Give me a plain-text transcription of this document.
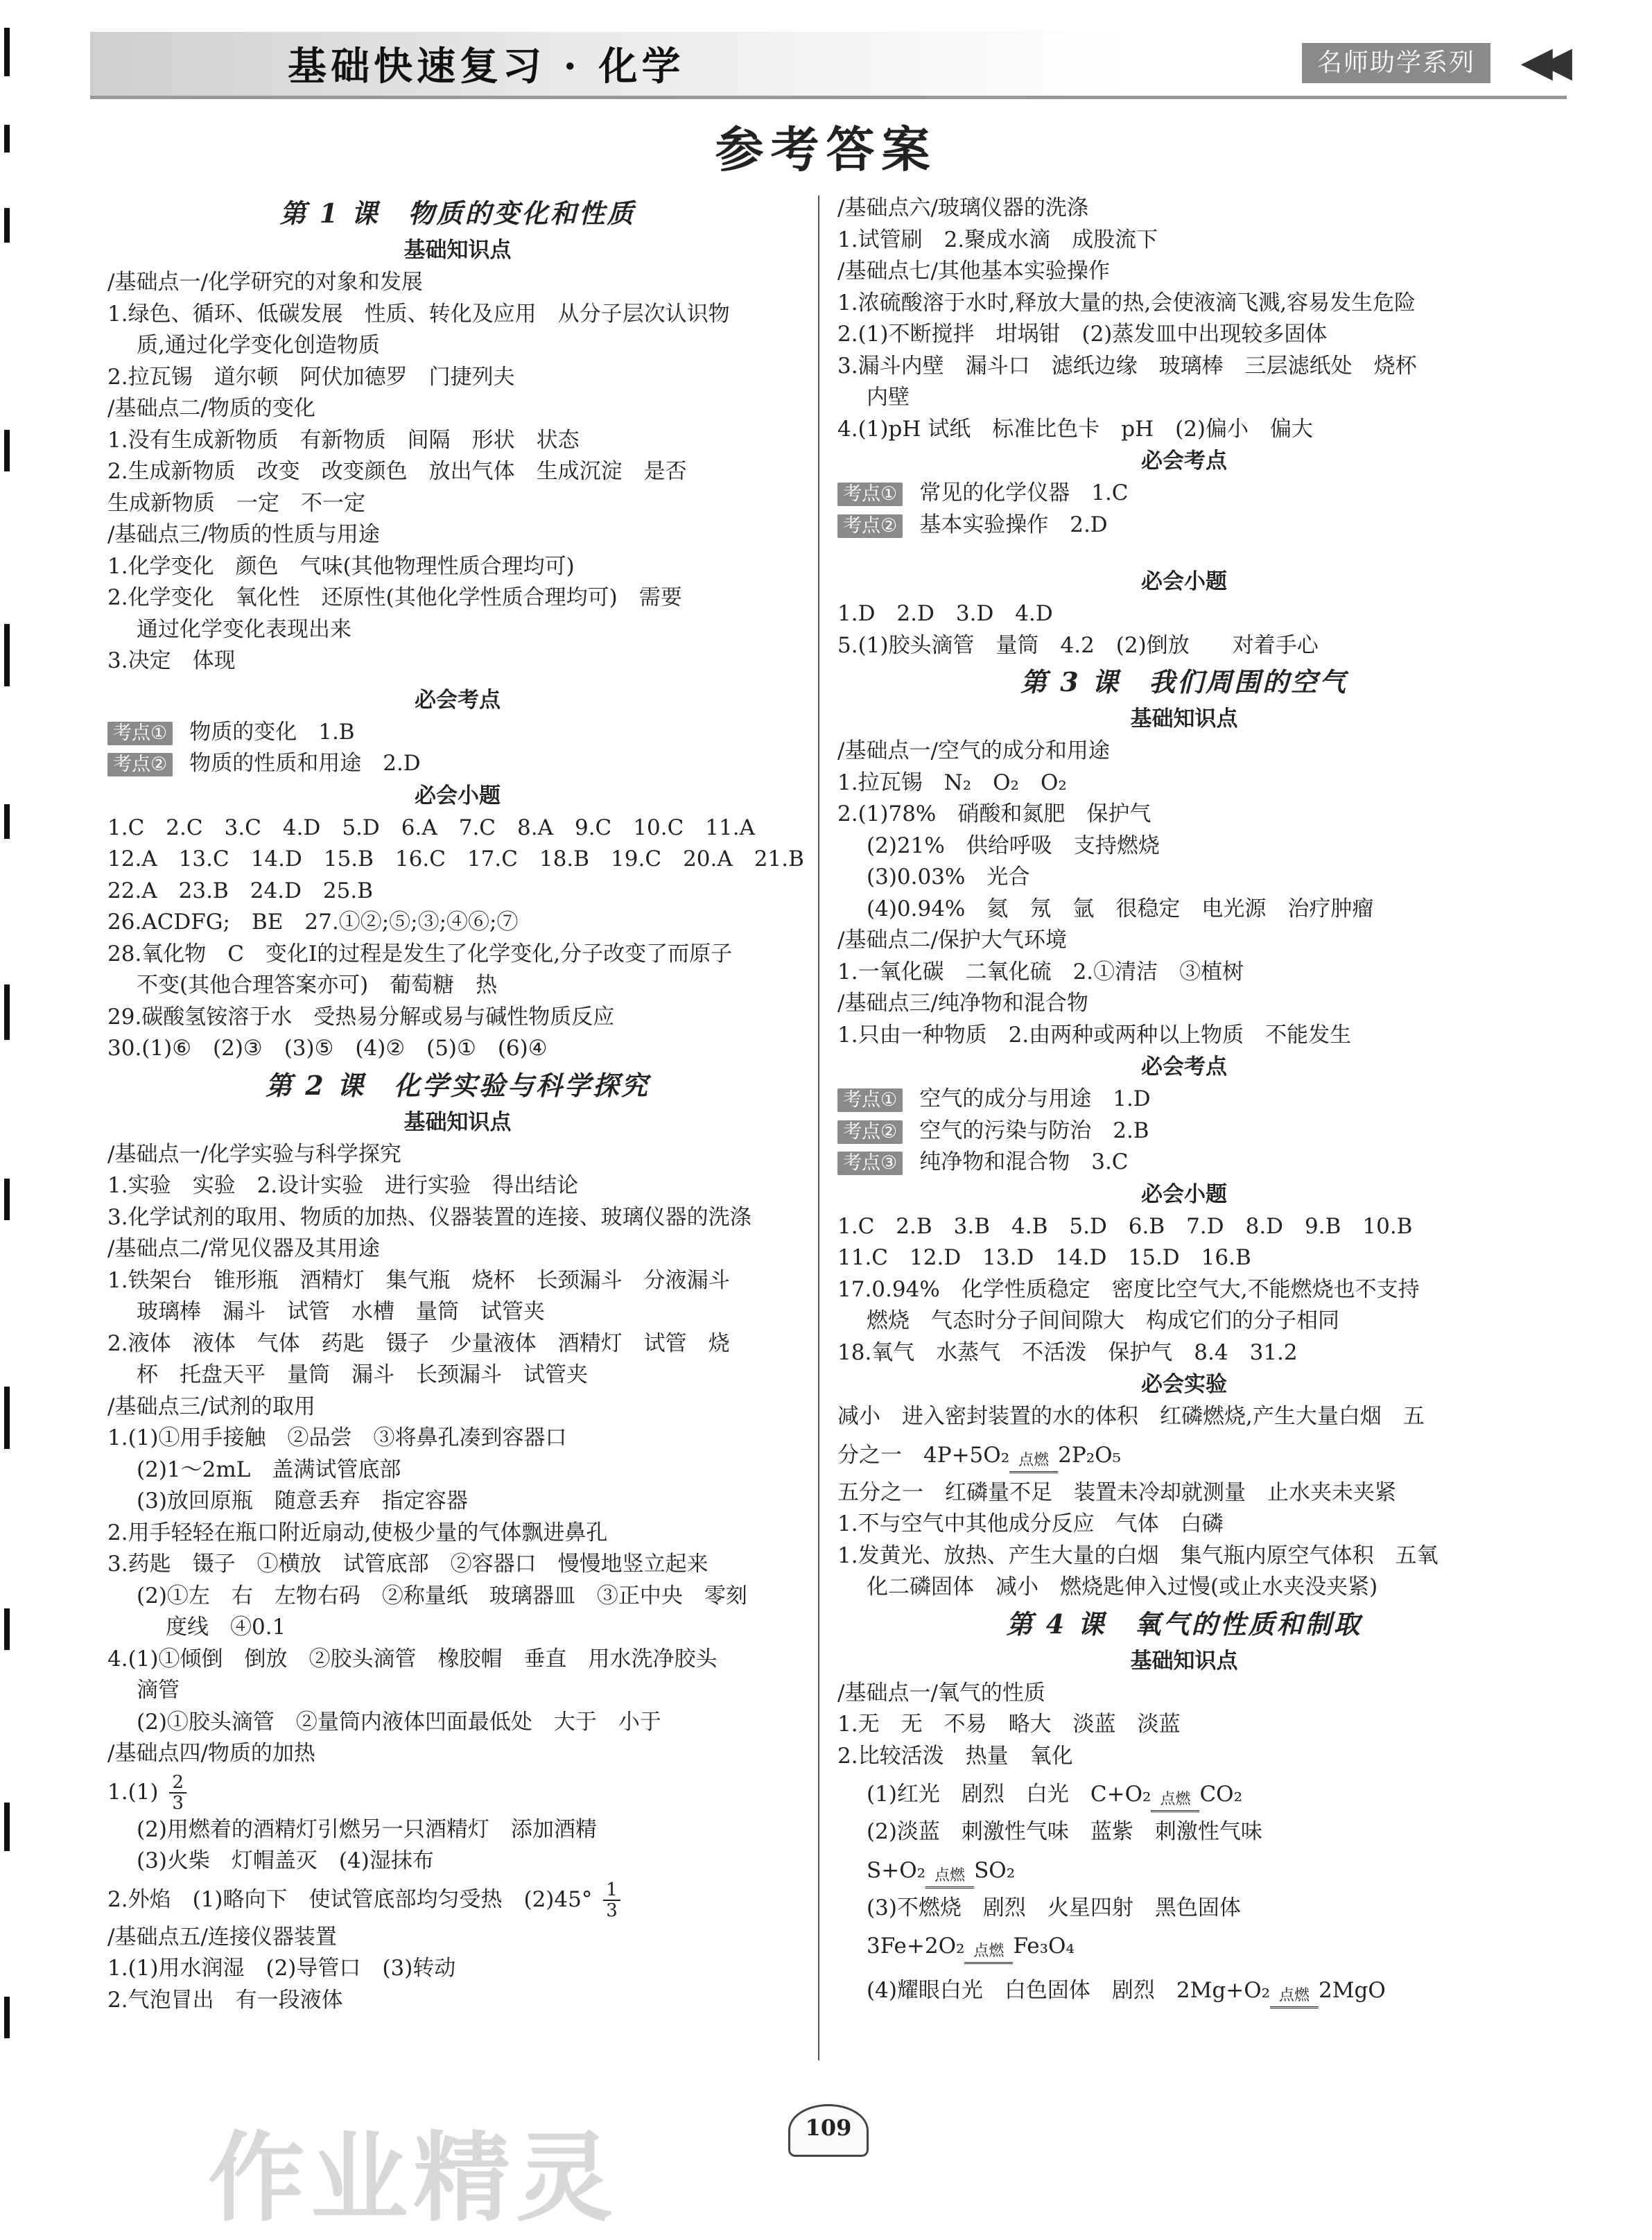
基础快速复习 · 化学	名师助学系列	◀◀
参考答案
第 1 课　物质的变化和性质
基础知识点
/基础点一/化学研究的对象和发展
1.绿色、循环、低碳发展　性质、转化及应用　从分子层次认识物
质,通过化学变化创造物质
2.拉瓦锡　道尔顿　阿伏加德罗　门捷列夫
/基础点二/物质的变化
1.没有生成新物质　有新物质　间隔　形状　状态
2.生成新物质　改变　改变颜色　放出气体　生成沉淀　是否
生成新物质　一定　不一定
/基础点三/物质的性质与用途
1.化学变化　颜色　气味(其他物理性质合理均可)
2.化学变化　氧化性　还原性(其他化学性质合理均可)　需要
通过化学变化表现出来
3.决定　体现
必会考点
考点① 物质的变化　1.B
考点② 物质的性质和用途　2.D
必会小题
1.C　2.C　3.C　4.D　5.D　6.A　7.C　8.A　9.C　10.C　11.A
12.A　13.C　14.D　15.B　16.C　17.C　18.B　19.C　20.A　21.B
22.A　23.B　24.D　25.B
26.ACDFG;　BE　27.①②;⑤;③;④⑥;⑦
28.氧化物　C　变化Ⅰ的过程是发生了化学变化,分子改变了而原子
不变(其他合理答案亦可)　葡萄糖　热
29.碳酸氢铵溶于水　受热易分解或易与碱性物质反应
30.(1)⑥　(2)③　(3)⑤　(4)②　(5)①　(6)④
第 2 课　化学实验与科学探究
基础知识点
/基础点一/化学实验与科学探究
1.实验　实验　2.设计实验　进行实验　得出结论
3.化学试剂的取用、物质的加热、仪器装置的连接、玻璃仪器的洗涤
/基础点二/常见仪器及其用途
1.铁架台　锥形瓶　酒精灯　集气瓶　烧杯　长颈漏斗　分液漏斗
玻璃棒　漏斗　试管　水槽　量筒　试管夹
2.液体　液体　气体　药匙　镊子　少量液体　酒精灯　试管　烧
杯　托盘天平　量筒　漏斗　长颈漏斗　试管夹
/基础点三/试剂的取用
1.(1)①用手接触　②品尝　③将鼻孔凑到容器口
(2)1～2mL　盖满试管底部
(3)放回原瓶　随意丢弃　指定容器
2.用手轻轻在瓶口附近扇动,使极少量的气体飘进鼻孔
3.药匙　镊子　①横放　试管底部　②容器口　慢慢地竖立起来
(2)①左　右　左物右码　②称量纸　玻璃器皿　③正中央　零刻
度线　④0.1
4.(1)①倾倒　倒放　②胶头滴管　橡胶帽　垂直　用水洗净胶头
滴管
(2)①胶头滴管　②量筒内液体凹面最低处　大于　小于
/基础点四/物质的加热
$1.(1) \frac{2}{3}$
(2)用燃着的酒精灯引燃另一只酒精灯　添加酒精
(3)火柴　灯帽盖灭　(4)湿抹布
2.外焰　(1)略向下　使试管底部均匀受热　$(2)45^\circ \frac{1}{3}$
/基础点五/连接仪器装置
1.(1)用水润湿　(2)导管口　(3)转动
2.气泡冒出　有一段液体
/基础点六/玻璃仪器的洗涤
1.试管刷　2.聚成水滴　成股流下
/基础点七/其他基本实验操作
1.浓硫酸溶于水时,释放大量的热,会使液滴飞溅,容易发生危险
2.(1)不断搅拌　坩埚钳　(2)蒸发皿中出现较多固体
3.漏斗内壁　漏斗口　滤纸边缘　玻璃棒　三层滤纸处　烧杯
内壁
4.(1)pH 试纸　标准比色卡　pH　(2)偏小　偏大
必会考点
考点① 常见的化学仪器　1.C
考点② 基本实验操作　2.D
必会小题
1.D　2.D　3.D　4.D
5.(1)胶头滴管　量筒　4.2　(2)倒放　　对着手心
第 3 课　我们周围的空气
基础知识点
/基础点一/空气的成分和用途
1.拉瓦锡　N₂　O₂　O₂
2.(1)78%　硝酸和氮肥　保护气
(2)21%　供给呼吸　支持燃烧
(3)0.03%　光合
(4)0.94%　氦　氖　氩　很稳定　电光源　治疗肿瘤
/基础点二/保护大气环境
1.一氧化碳　二氧化硫　2.①清洁　③植树
/基础点三/纯净物和混合物
1.只由一种物质　2.由两种或两种以上物质　不能发生
必会考点
考点① 空气的成分与用途　1.D
考点② 空气的污染与防治　2.B
考点③ 纯净物和混合物　3.C
必会小题
1.C　2.B　3.B　4.B　5.D　6.B　7.D　8.D　9.B　10.B
11.C　12.D　13.D　14.D　15.D　16.B
17.0.94%　化学性质稳定　密度比空气大,不能燃烧也不支持
燃烧　气态时分子间间隙大　构成它们的分子相同
18.氧气　水蒸气　不活泼　保护气　8.4　31.2
必会实验
减小　进入密封装置的水的体积　红磷燃烧,产生大量白烟　五
分之一　4P+5O₂ 点燃 2P₂O₅
五分之一　红磷量不足　装置未冷却就测量　止水夹未夹紧
1.不与空气中其他成分反应　气体　白磷
1.发黄光、放热、产生大量的白烟　集气瓶内原空气体积　五氧
化二磷固体　减小　燃烧匙伸入过慢(或止水夹没夹紧)
第 4 课　氧气的性质和制取
基础知识点
/基础点一/氧气的性质
1.无　无　不易　略大　淡蓝　淡蓝
2.比较活泼　热量　氧化
(1)红光　剧烈　白光　C+O₂ 点燃 CO₂
(2)淡蓝　刺激性气味　蓝紫　刺激性气味
S+O₂ 点燃 SO₂
(3)不燃烧　剧烈　火星四射　黑色固体
3Fe+2O₂ 点燃 Fe₃O₄
(4)耀眼白光　白色固体　剧烈　2Mg+O₂ 点燃 2MgO
作业精灵	109
